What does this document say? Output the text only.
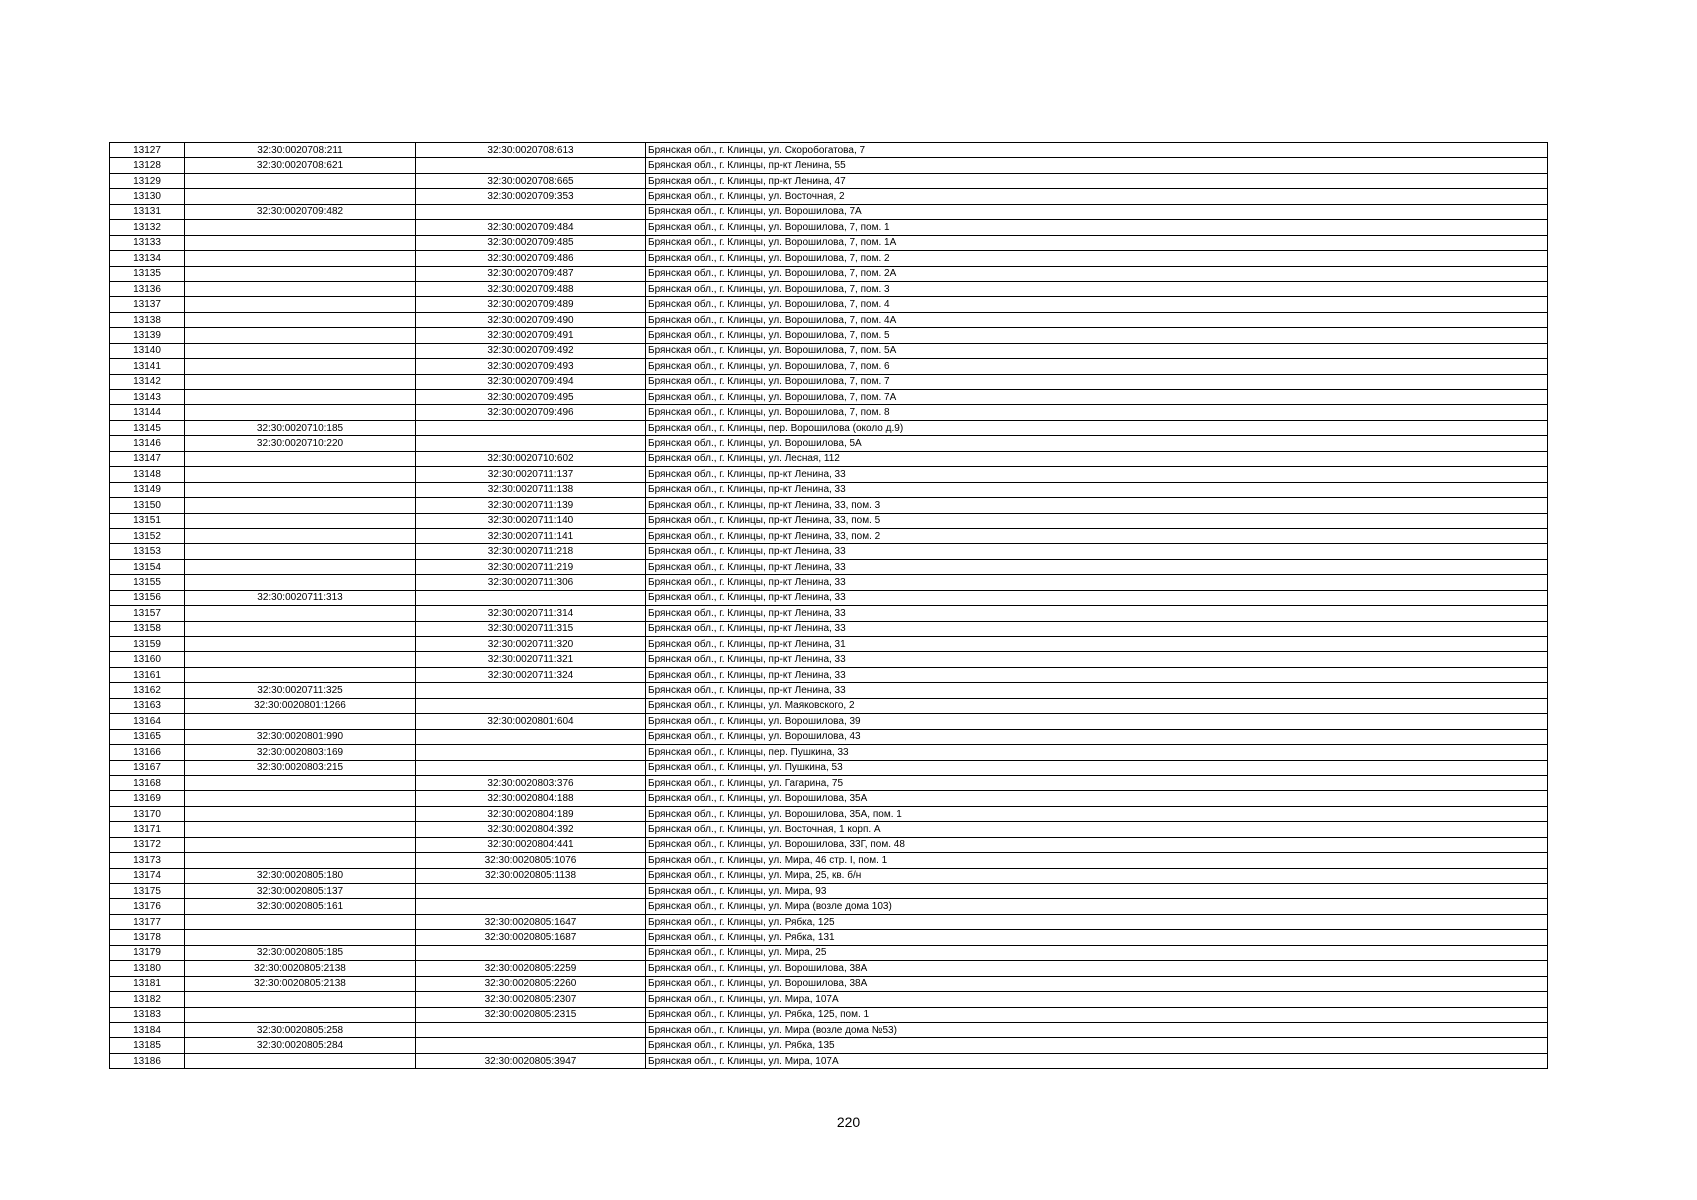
13127	32:30:0020708:211	32:30:0020708:613	Брянская обл., г. Клинцы, ул. Скоробогатова, 7
13128	32:30:0020708:621		Брянская обл., г. Клинцы, пр-кт Ленина, 55
13129		32:30:0020708:665	Брянская обл., г. Клинцы, пр-кт Ленина, 47
13130		32:30:0020709:353	Брянская обл., г. Клинцы, ул. Восточная, 2
13131	32:30:0020709:482		Брянская обл., г. Клинцы, ул. Ворошилова, 7А
13132		32:30:0020709:484	Брянская обл., г. Клинцы, ул. Ворошилова, 7, пом. 1
13133		32:30:0020709:485	Брянская обл., г. Клинцы, ул. Ворошилова, 7, пом. 1А
13134		32:30:0020709:486	Брянская обл., г. Клинцы, ул. Ворошилова, 7, пом. 2
13135		32:30:0020709:487	Брянская обл., г. Клинцы, ул. Ворошилова, 7, пом. 2А
13136		32:30:0020709:488	Брянская обл., г. Клинцы, ул. Ворошилова, 7, пом. 3
13137		32:30:0020709:489	Брянская обл., г. Клинцы, ул. Ворошилова, 7, пом. 4
13138		32:30:0020709:490	Брянская обл., г. Клинцы, ул. Ворошилова, 7, пом. 4А
13139		32:30:0020709:491	Брянская обл., г. Клинцы, ул. Ворошилова, 7, пом. 5
13140		32:30:0020709:492	Брянская обл., г. Клинцы, ул. Ворошилова, 7, пом. 5А
13141		32:30:0020709:493	Брянская обл., г. Клинцы, ул. Ворошилова, 7, пом. 6
13142		32:30:0020709:494	Брянская обл., г. Клинцы, ул. Ворошилова, 7, пом. 7
13143		32:30:0020709:495	Брянская обл., г. Клинцы, ул. Ворошилова, 7, пом. 7А
13144		32:30:0020709:496	Брянская обл., г. Клинцы, ул. Ворошилова, 7, пом. 8
13145	32:30:0020710:185		Брянская обл., г. Клинцы, пер. Ворошилова (около д.9)
13146	32:30:0020710:220		Брянская обл., г. Клинцы, ул. Ворошилова, 5А
13147		32:30:0020710:602	Брянская обл., г. Клинцы, ул. Лесная, 112
13148		32:30:0020711:137	Брянская обл., г. Клинцы, пр-кт Ленина, 33
13149		32:30:0020711:138	Брянская обл., г. Клинцы, пр-кт Ленина, 33
13150		32:30:0020711:139	Брянская обл., г. Клинцы, пр-кт Ленина, 33, пом. 3
13151		32:30:0020711:140	Брянская обл., г. Клинцы, пр-кт Ленина, 33, пом. 5
13152		32:30:0020711:141	Брянская обл., г. Клинцы, пр-кт Ленина, 33, пом. 2
13153		32:30:0020711:218	Брянская обл., г. Клинцы, пр-кт Ленина, 33
13154		32:30:0020711:219	Брянская обл., г. Клинцы, пр-кт Ленина, 33
13155		32:30:0020711:306	Брянская обл., г. Клинцы, пр-кт Ленина, 33
13156	32:30:0020711:313		Брянская обл., г. Клинцы, пр-кт Ленина, 33
13157		32:30:0020711:314	Брянская обл., г. Клинцы, пр-кт Ленина, 33
13158		32:30:0020711:315	Брянская обл., г. Клинцы, пр-кт Ленина, 33
13159		32:30:0020711:320	Брянская обл., г. Клинцы, пр-кт Ленина, 31
13160		32:30:0020711:321	Брянская обл., г. Клинцы, пр-кт Ленина, 33
13161		32:30:0020711:324	Брянская обл., г. Клинцы, пр-кт Ленина, 33
13162	32:30:0020711:325		Брянская обл., г. Клинцы, пр-кт Ленина, 33
13163	32:30:0020801:1266		Брянская обл., г. Клинцы, ул. Маяковского, 2
13164		32:30:0020801:604	Брянская обл., г. Клинцы, ул. Ворошилова, 39
13165	32:30:0020801:990		Брянская обл., г. Клинцы, ул. Ворошилова, 43
13166	32:30:0020803:169		Брянская обл., г. Клинцы, пер. Пушкина, 33
13167	32:30:0020803:215		Брянская обл., г. Клинцы, ул. Пушкина, 53
13168		32:30:0020803:376	Брянская обл., г. Клинцы, ул. Гагарина, 75
13169		32:30:0020804:188	Брянская обл., г. Клинцы, ул. Ворошилова, 35А
13170		32:30:0020804:189	Брянская обл., г. Клинцы, ул. Ворошилова, 35А, пом. 1
13171		32:30:0020804:392	Брянская обл., г. Клинцы, ул. Восточная, 1 корп. А
13172		32:30:0020804:441	Брянская обл., г. Клинцы, ул. Ворошилова, 33Г, пом. 48
13173		32:30:0020805:1076	Брянская обл., г. Клинцы, ул. Мира, 46 стр. I, пом. 1
13174	32:30:0020805:180	32:30:0020805:1138	Брянская обл., г. Клинцы, ул. Мира, 25, кв. б/н
13175	32:30:0020805:137		Брянская обл., г. Клинцы, ул. Мира, 93
13176	32:30:0020805:161		Брянская обл., г. Клинцы, ул. Мира (возле дома 103)
13177		32:30:0020805:1647	Брянская обл., г. Клинцы, ул. Рябка, 125
13178		32:30:0020805:1687	Брянская обл., г. Клинцы, ул. Рябка, 131
13179	32:30:0020805:185		Брянская обл., г. Клинцы, ул. Мира, 25
13180	32:30:0020805:2138	32:30:0020805:2259	Брянская обл., г. Клинцы, ул. Ворошилова, 38А
13181	32:30:0020805:2138	32:30:0020805:2260	Брянская обл., г. Клинцы, ул. Ворошилова, 38А
13182		32:30:0020805:2307	Брянская обл., г. Клинцы, ул. Мира, 107А
13183		32:30:0020805:2315	Брянская обл., г. Клинцы, ул. Рябка, 125, пом. 1
13184	32:30:0020805:258		Брянская обл., г. Клинцы, ул. Мира (возле дома №53)
13185	32:30:0020805:284		Брянская обл., г. Клинцы, ул. Рябка, 135
13186		32:30:0020805:3947	Брянская обл., г. Клинцы, ул. Мира, 107А
220
